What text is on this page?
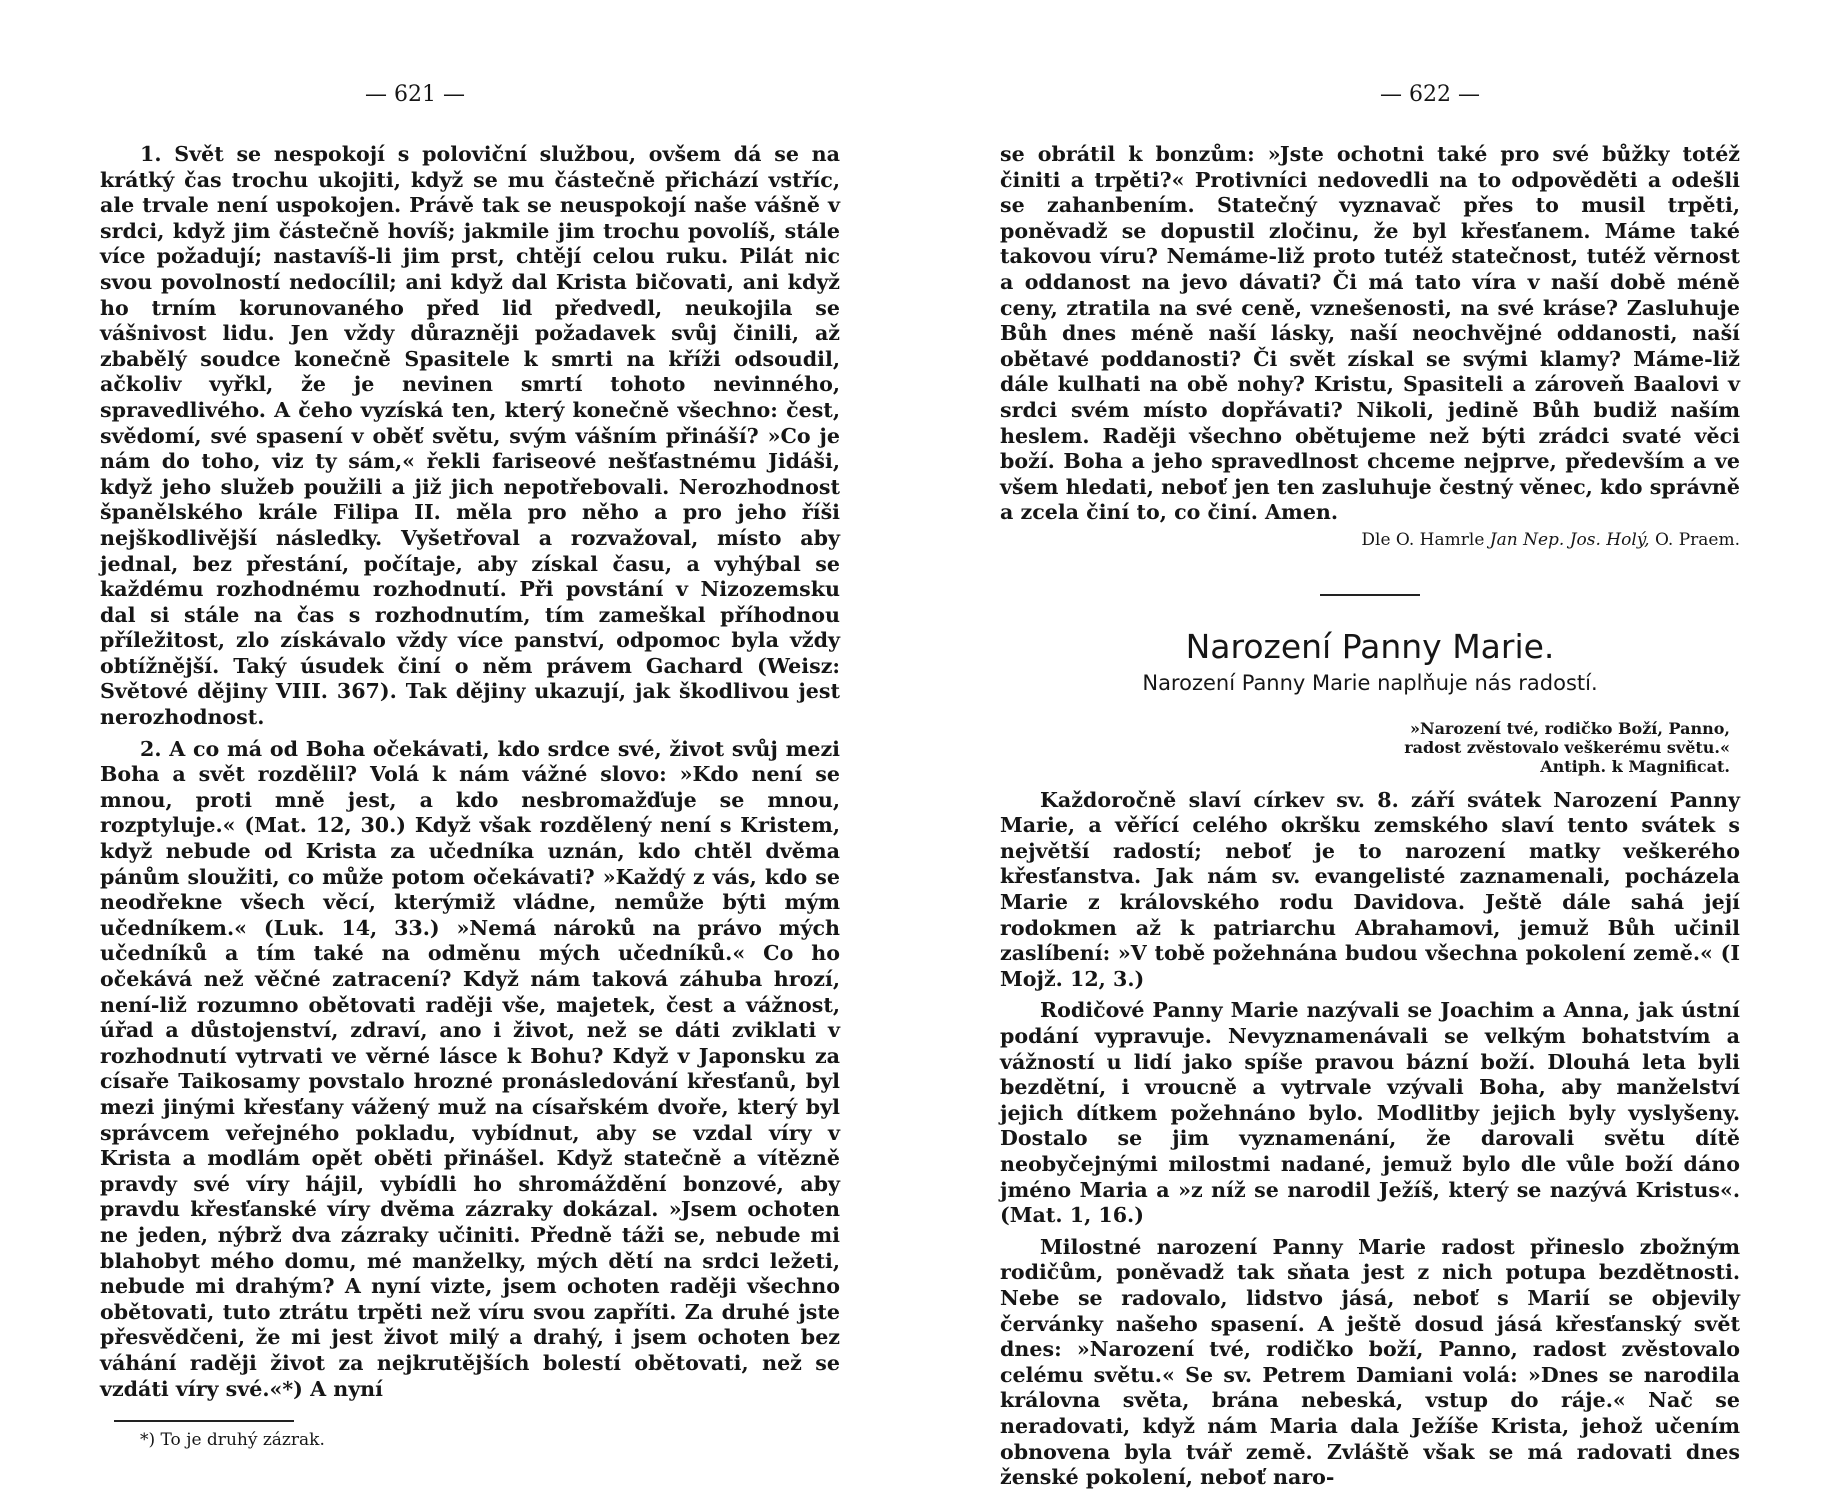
— 621 —

1. Svět se nespokojí s poloviční službou, ovšem dá se na krátký čas trochu ukojiti, když se mu částečně přichází vstříc, ale trvale není uspokojen. Právě tak se neuspokojí naše vášně v srdci, když jim částečně hovíš; jakmile jim trochu povolíš, stále více požadují; nastavíš-li jim prst, chtějí celou ruku. Pilát nic svou povolností nedocílil; ani když dal Krista bičovati, ani když ho trním korunovaného před lid předvedl, neukojila se vášnivost lidu. Jen vždy důrazněji požadavek svůj činili, až zbabělý soudce konečně Spasitele k smrti na kříži odsoudil, ačkoliv vyřkl, že je nevinen smrtí tohoto nevinného, spravedlivého. A čeho vyzíská ten, který konečně všechno: čest, svědomí, své spasení v oběť světu, svým vášním přináší? »Co je nám do toho, viz ty sám,« řekli fariseové nešťastnému Jidáši, když jeho služeb použili a již jich nepotřebovali. Nerozhodnost španělského krále Filipa II. měla pro něho a pro jeho říši nejškodlivější následky. Vyšetřoval a rozvažoval, místo aby jednal, bez přestání, počítaje, aby získal času, a vyhýbal se každému rozhodnému rozhodnutí. Při povstání v Nizozemsku dal si stále na čas s rozhodnutím, tím zameškal příhodnou příležitost, zlo získávalo vždy více panství, odpomoc byla vždy obtížnější. Taký úsudek činí o něm právem Gachard (Weisz: Světové dějiny VIII. 367). Tak dějiny ukazují, jak škodlivou jest nerozhodnost.

2. A co má od Boha očekávati, kdo srdce své, život svůj mezi Boha a svět rozdělil? Volá k nám vážné slovo: »Kdo není se mnou, proti mně jest, a kdo nesbromažďuje se mnou, rozptyluje.« (Mat. 12, 30.) Když však rozdělený není s Kristem, když nebude od Krista za učedníka uznán, kdo chtěl dvěma pánům sloužiti, co může potom očekávati? »Každý z vás, kdo se neodřekne všech věcí, kterýmiž vládne, nemůže býti mým učedníkem.« (Luk. 14, 33.) »Nemá nároků na právo mých učedníků a tím také na odměnu mých učedníků.« Co ho očekává než věčné zatracení? Když nám taková záhuba hrozí, není-liž rozumno obětovati raději vše, majetek, čest a vážnost, úřad a důstojenství, zdraví, ano i život, než se dáti zviklati v rozhodnutí vytrvati ve věrné lásce k Bohu? Když v Japonsku za císaře Taikosamy povstalo hrozné pronásledování křesťanů, byl mezi jinými křesťany vážený muž na císařském dvoře, který byl správcem veřejného pokladu, vybídnut, aby se vzdal víry v Krista a modlám opět oběti přinášel. Když statečně a vítězně pravdy své víry hájil, vybídli ho shromáždění bonzové, aby pravdu křesťanské víry dvěma zázraky dokázal. »Jsem ochoten ne jeden, nýbrž dva zázraky učiniti. Předně táži se, nebude mi blahobyt mého domu, mé manželky, mých dětí na srdci ležeti, nebude mi drahým? A nyní vizte, jsem ochoten raději všechno obětovati, tuto ztrátu trpěti než víru svou zapříti. Za druhé jste přesvědčeni, že mi jest život milý a drahý, i jsem ochoten bez váhání raději život za nejkrutějších bolestí obětovati, než se vzdáti víry své.«*) A nyní

*) To je druhý zázrak.
— 622 —

se obrátil k bonzům: »Jste ochotni také pro své bůžky totéž činiti a trpěti?« Protivníci nedovedli na to odpověděti a odešli se zahanbením. Statečný vyznavač přes to musil trpěti, poněvadž se dopustil zločinu, že byl křesťanem. Máme také takovou víru? Nemáme-liž proto tutéž statečnost, tutéž věrnost a oddanost na jevo dávati? Či má tato víra v naší době méně ceny, ztratila na své ceně, vznešenosti, na své kráse? Zasluhuje Bůh dnes méně naší lásky, naší neochvějné oddanosti, naší obětavé poddanosti? Či svět získal se svými klamy? Máme-liž dále kulhati na obě nohy? Kristu, Spasiteli a zároveň Baalovi v srdci svém místo dopřávati? Nikoli, jedině Bůh budiž naším heslem. Raději všechno obětujeme než býti zrádci svaté věci boží. Boha a jeho spravedlnost chceme nejprve, především a ve všem hledati, neboť jen ten zasluhuje čestný věnec, kdo správně a zcela činí to, co činí. Amen.

Dle O. Hamrle Jan Nep. Jos. Holý, O. Praem.
Narození Panny Marie.
Narození Panny Marie naplňuje nás radostí.
»Narození tvé, rodičko Boží, Panno,
radost zvěstovalo veškerému světu.«
Antiph. k Magnificat.

Každoročně slaví církev sv. 8. září svátek Narození Panny Marie, a věřící celého okršku zemského slaví tento svátek s největší radostí; neboť je to narození matky veškerého křesťanstva. Jak nám sv. evangelisté zaznamenali, pocházela Marie z královského rodu Davidova. Ještě dále sahá její rodokmen až k patriarchu Abrahamovi, jemuž Bůh učinil zaslíbení: »V tobě požehnána budou všechna pokolení země.« (I Mojž. 12, 3.)

Rodičové Panny Marie nazývali se Joachim a Anna, jak ústní podání vypravuje. Nevyznamenávali se velkým bohatstvím a vážností u lidí jako spíše pravou bázní boží. Dlouhá leta byli bezdětní, i vroucně a vytrvale vzývali Boha, aby manželství jejich dítkem požehnáno bylo. Modlitby jejich byly vyslyšeny. Dostalo se jim vyznamenání, že darovali světu dítě neobyčejnými milostmi nadané, jemuž bylo dle vůle boží dáno jméno Maria a »z níž se narodil Ježíš, který se nazývá Kristus«. (Mat. 1, 16.)

Milostné narození Panny Marie radost přineslo zbožným rodičům, poněvadž tak sňata jest z nich potupa bezdětnosti. Nebe se radovalo, lidstvo jásá, neboť s Marií se objevily červánky našeho spasení. A ještě dosud jásá křesťanský svět dnes: »Narození tvé, rodičko boží, Panno, radost zvěstovalo celému světu.« Se sv. Petrem Damiani volá: »Dnes se narodila královna světa, brána nebeská, vstup do ráje.« Nač se neradovati, když nám Maria dala Ježíše Krista, jehož učením obnovena byla tvář země. Zvláště však se má radovati dnes ženské pokolení, neboť naro-
